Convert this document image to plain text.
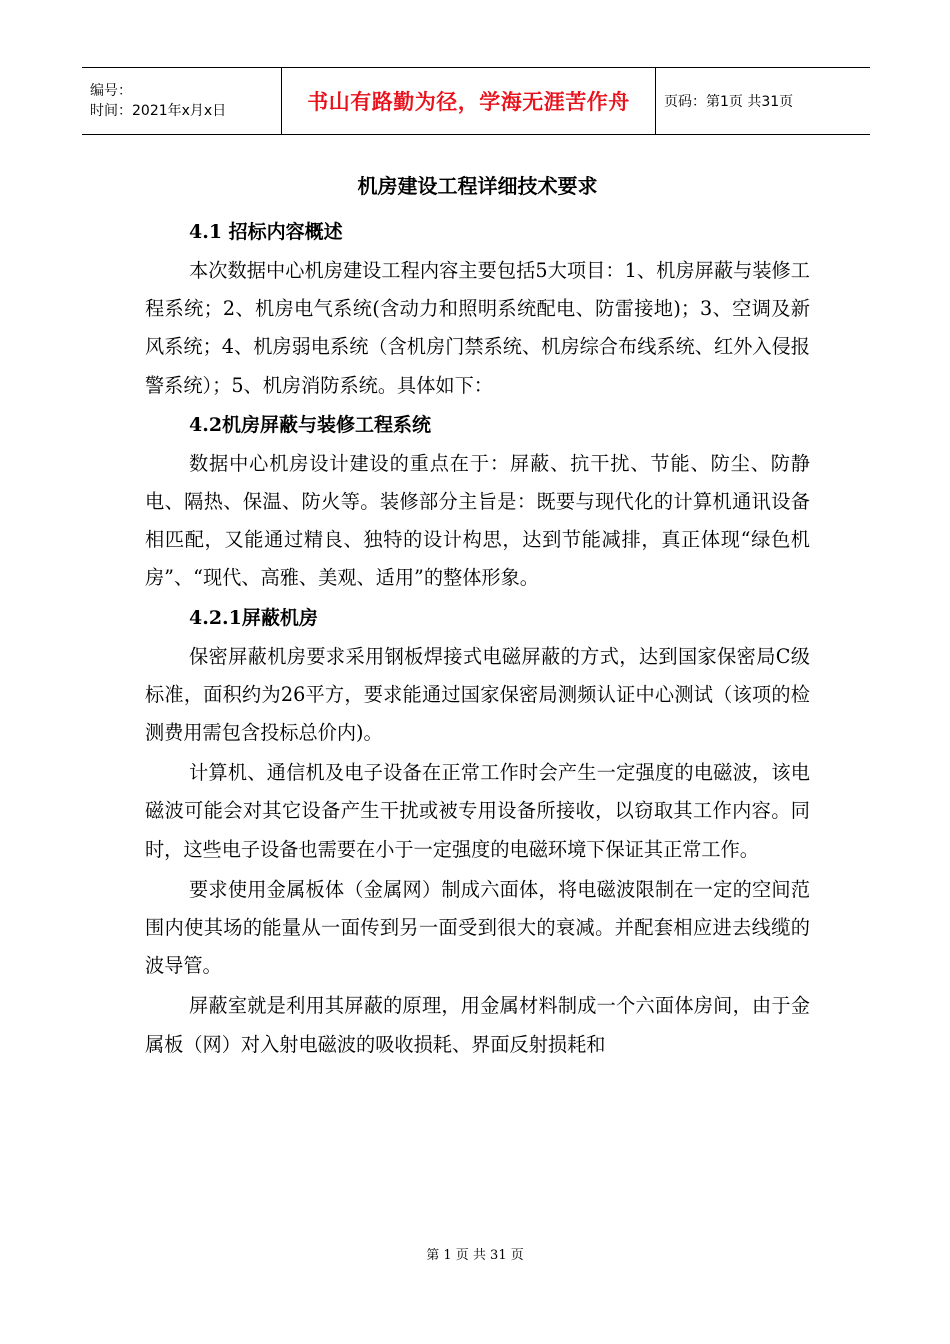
编号：
时间：2021年x月x日	书山有路勤为径，学海无涯苦作舟 页码：第1页 共31页
机房建设工程详细技术要求
4.1 招标内容概述

本次数据中心机房建设工程内容主要包括5大项目：1、机房屏蔽与装修工程系统；2、机房电气系统(含动力和照明系统配电、防雷接地)；3、空调及新风系统；4、机房弱电系统（含机房门禁系统、机房综合布线系统、红外入侵报警系统）；5、机房消防系统。具体如下：

4.2机房屏蔽与装修工程系统

数据中心机房设计建设的重点在于：屏蔽、抗干扰、节能、防尘、防静电、隔热、保温、防火等。装修部分主旨是：既要与现代化的计算机通讯设备相匹配，又能通过精良、独特的设计构思，达到节能减排，真正体现“绿色机房”、“现代、高雅、美观、适用”的整体形象。

4.2.1屏蔽机房

保密屏蔽机房要求采用钢板焊接式电磁屏蔽的方式，达到国家保密局C级标准，面积约为26平方，要求能通过国家保密局测频认证中心测试（该项的检测费用需包含投标总价内)。

计算机、通信机及电子设备在正常工作时会产生一定强度的电磁波，该电磁波可能会对其它设备产生干扰或被专用设备所接收，以窃取其工作内容。同时，这些电子设备也需要在小于一定强度的电磁环境下保证其正常工作。

要求使用金属板体（金属网）制成六面体，将电磁波限制在一定的空间范围内使其场的能量从一面传到另一面受到很大的衰减。并配套相应进去线缆的波导管。

屏蔽室就是利用其屏蔽的原理，用金属材料制成一个六面体房间，由于金属板（网）对入射电磁波的吸收损耗、界面反射损耗和

第 1 页 共 31 页
